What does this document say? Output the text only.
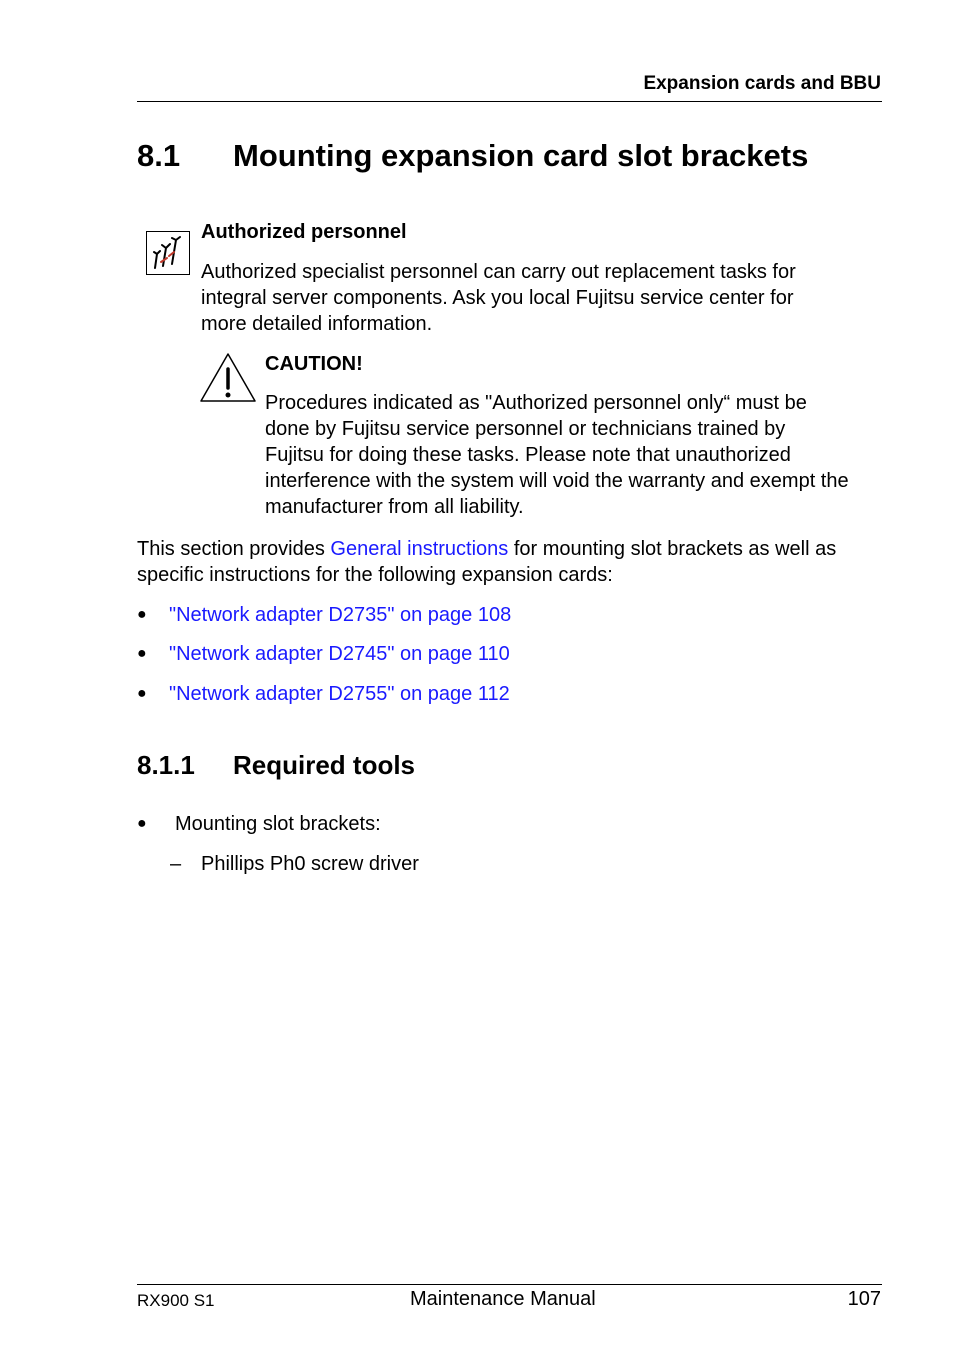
Expansion cards and BBU
8.1 Mounting expansion card slot brackets
Authorized personnel
Authorized specialist personnel can carry out replacement tasks for
integral server components. Ask you local Fujitsu service center for
more detailed information.
CAUTION!
Procedures indicated as "Authorized personnel only“ must be
done by Fujitsu service personnel or technicians trained by
Fujitsu for doing these tasks. Please note that unauthorized
interference with the system will void the warranty and exempt the
manufacturer from all liability.
This section provides General instructions for mounting slot brackets as well as
specific instructions for the following expansion cards:
● "Network adapter D2735" on page 108
● "Network adapter D2745" on page 110
● "Network adapter D2755" on page 112
8.1.1 Required tools
● Mounting slot brackets:
– Phillips Ph0 screw driver
RX900 S1	Maintenance Manual	107
